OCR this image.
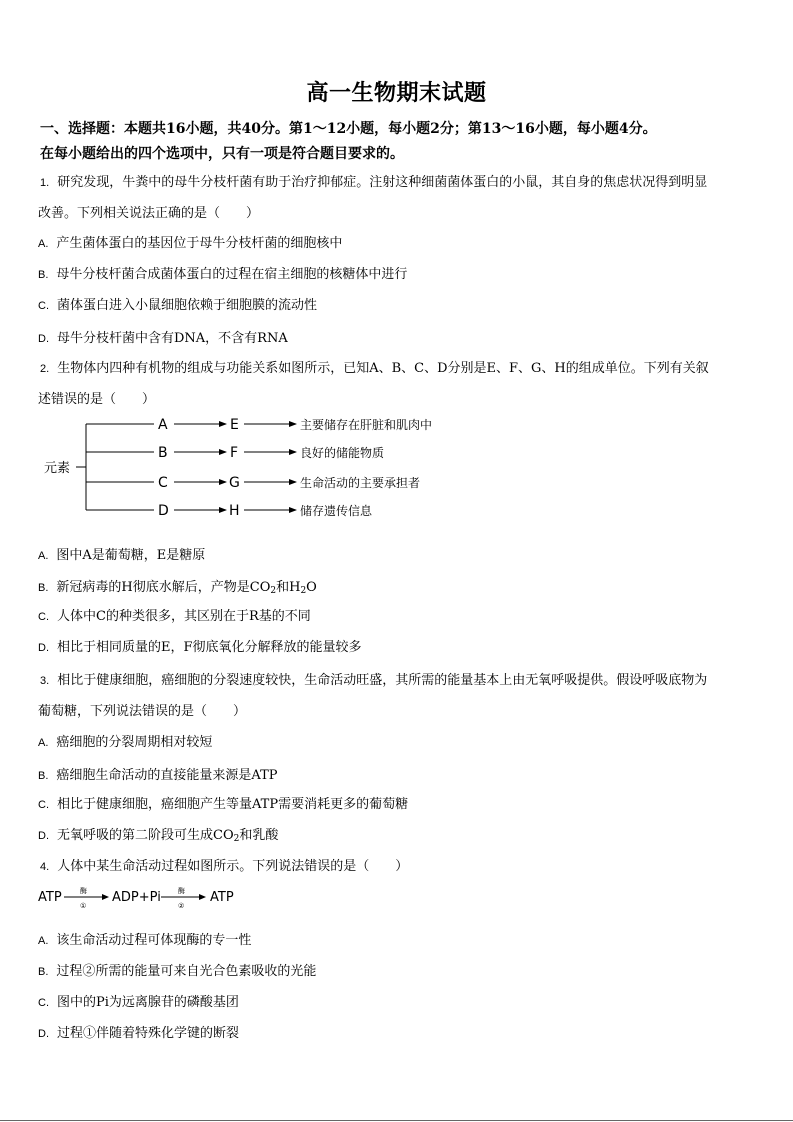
高一生物期末试题
一、选择题：本题共16小题，共40分。第1～12小题，每小题2分；第13～16小题，每小题4分。
在每小题给出的四个选项中，只有一项是符合题目要求的。
1. 研究发现，牛粪中的母牛分枝杆菌有助于治疗抑郁症。注射这种细菌菌体蛋白的小鼠，其自身的焦虑状况得到明显
改善。下列相关说法正确的是（　　）
A. 产生菌体蛋白的基因位于母牛分枝杆菌的细胞核中
B. 母牛分枝杆菌合成菌体蛋白的过程在宿主细胞的核糖体中进行
C. 菌体蛋白进入小鼠细胞依赖于细胞膜的流动性
D. 母牛分枝杆菌中含有DNA，不含有RNA
2. 生物体内四种有机物的组成与功能关系如图所示，已知A、B、C、D分别是E、F、G、H的组成单位。下列有关叙
述错误的是（　　）
元素
A	E	主要储存在肝脏和肌肉中
B	F	良好的储能物质
C	G	生命活动的主要承担者
D	H	储存遗传信息
A. 图中A是葡萄糖，E是糖原
B. 新冠病毒的H彻底水解后，产物是$CO_2$和$H_2O$
C. 人体中C的种类很多，其区别在于R基的不同
D. 相比于相同质量的E，F彻底氧化分解释放的能量较多
3. 相比于健康细胞，癌细胞的分裂速度较快，生命活动旺盛，其所需的能量基本上由无氧呼吸提供。假设呼吸底物为
葡萄糖，下列说法错误的是（　　）
A. 癌细胞的分裂周期相对较短
B. 癌细胞生命活动的直接能量来源是ATP
C. 相比于健康细胞，癌细胞产生等量ATP需要消耗更多的葡萄糖
D. 无氧呼吸的第二阶段可生成$CO_2$和乳酸
4. 人体中某生命活动过程如图所示。下列说法错误的是（　　）
ATP	酶
①
ADP+Pi 酶
②
ATP
A. 该生命活动过程可体现酶的专一性
B. 过程②所需的能量可来自光合色素吸收的光能
C. 图中的Pi为远离腺苷的磷酸基团
D. 过程①伴随着特殊化学键的断裂
